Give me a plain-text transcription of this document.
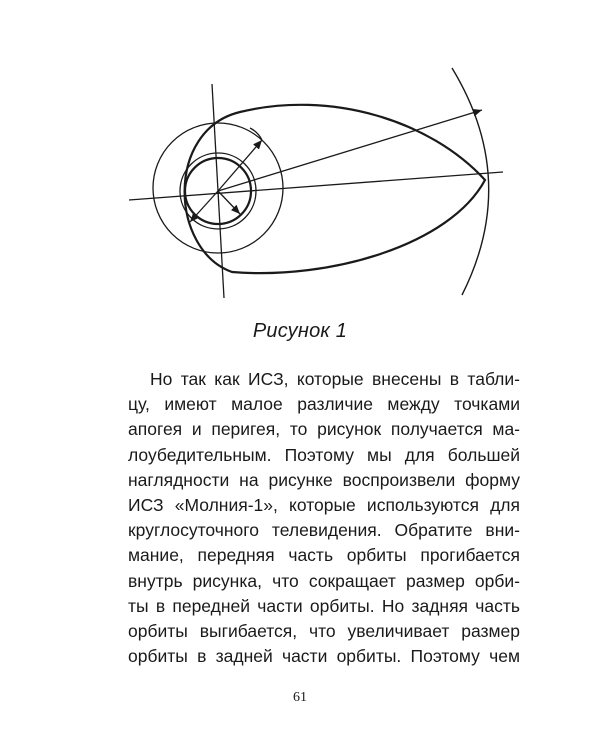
Рисунок 1
Но так как ИСЗ, которые внесены в табли-
цу, имеют малое различие между точками
апогея и перигея, то рисунок получается ма-
лоубедительным. Поэтому мы для большей
наглядности на рисунке воспроизвели форму
ИСЗ «Молния-1», которые используются для
круглосуточного телевидения. Обратите вни-
мание, передняя часть орбиты прогибается
внутрь рисунка, что сокращает размер орби-
ты в передней части орбиты. Но задняя часть
орбиты выгибается, что увеличивает размер
орбиты в задней части орбиты. Поэтому чем
61
